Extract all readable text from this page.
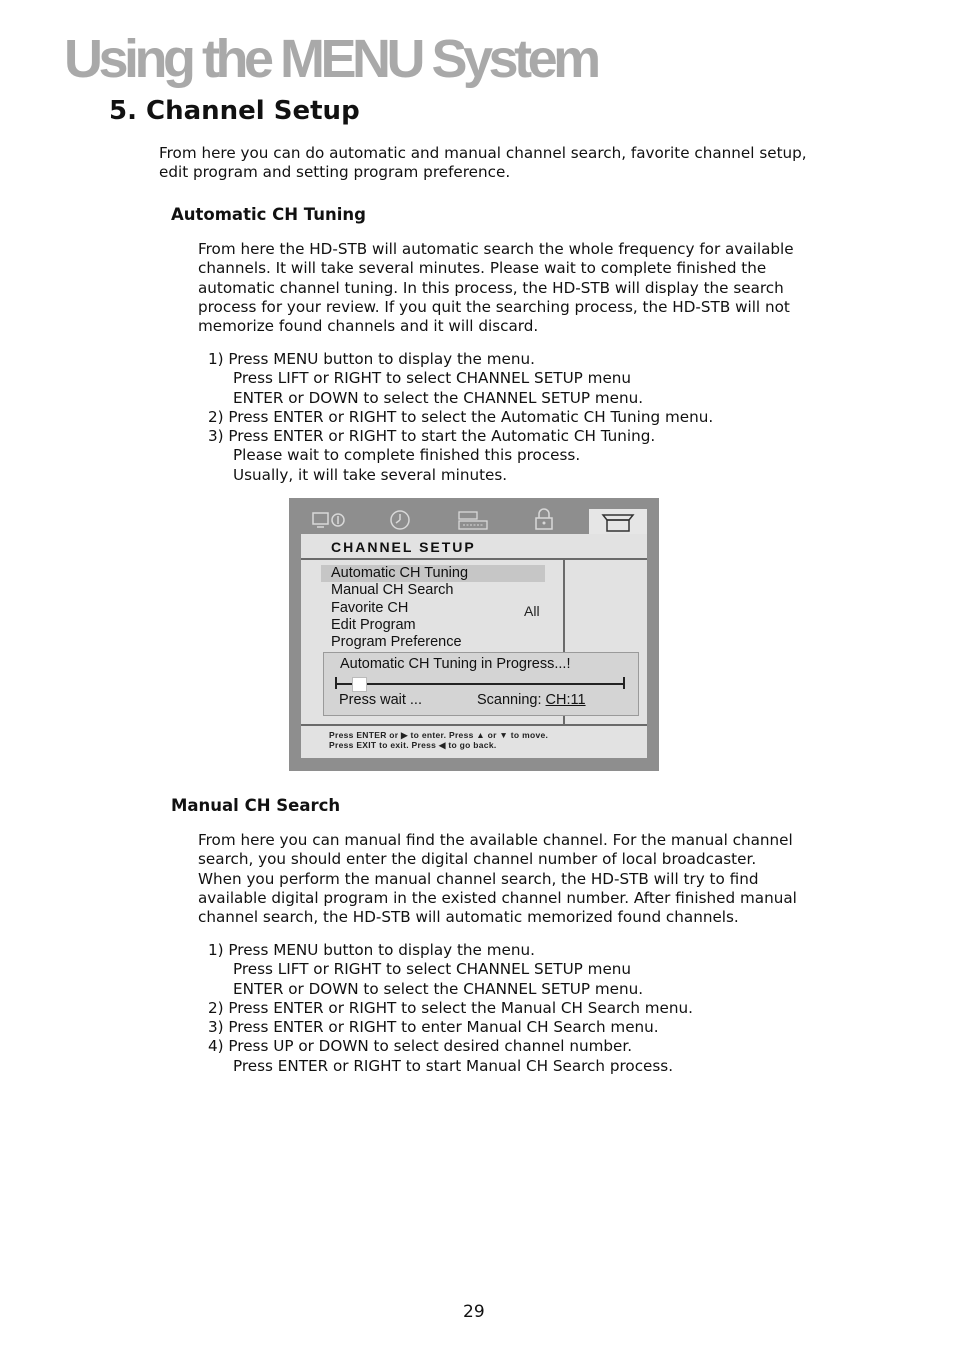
Using the MENU System
5. Channel Setup

From here you can do automatic and manual channel search, favorite channel setup,

edit program and setting program preference.

Automatic CH Tuning

From here the HD-STB will automatic search the whole frequency for available

channels. It will take several minutes. Please wait to complete finished the

automatic channel tuning. In this process, the HD-STB will display the search

process for your review. If you quit the searching process, the HD-STB will not

memorize found channels and it will discard.

1) Press MENU button to display the menu.

Press LIFT or RIGHT to select CHANNEL SETUP menu

ENTER or DOWN to select the CHANNEL SETUP menu.

2) Press ENTER or RIGHT to select the Automatic CH Tuning menu.

3) Press ENTER or RIGHT to start the Automatic CH Tuning.

Please wait to complete finished this process.

Usually, it will take several minutes.

CHANNEL SETUP
Automatic CH Tuning
Manual CH Search
Favorite CH	All
Edit Program
Program Preference
Automatic CH Tuning in Progress...!
Press wait ...	Scanning: CH:11
Press ENTER or ▶ to enter. Press ▲ or ▼ to move.
Press EXIT to exit. Press ◀ to go back.
Manual CH Search

From here you can manual find the available channel. For the manual channel

search, you should enter the digital channel number of local broadcaster.

When you perform the manual channel search, the HD-STB will try to find

available digital program in the existed channel number. After finished manual

channel search, the HD-STB will automatic memorized found channels.

1) Press MENU button to display the menu.

Press LIFT or RIGHT to select CHANNEL SETUP menu

ENTER or DOWN to select the CHANNEL SETUP menu.

2) Press ENTER or RIGHT to select the Manual CH Search menu.

3) Press ENTER or RIGHT to enter Manual CH Search menu.

4) Press UP or DOWN to select desired channel number.

Press ENTER or RIGHT to start Manual CH Search process.

29
